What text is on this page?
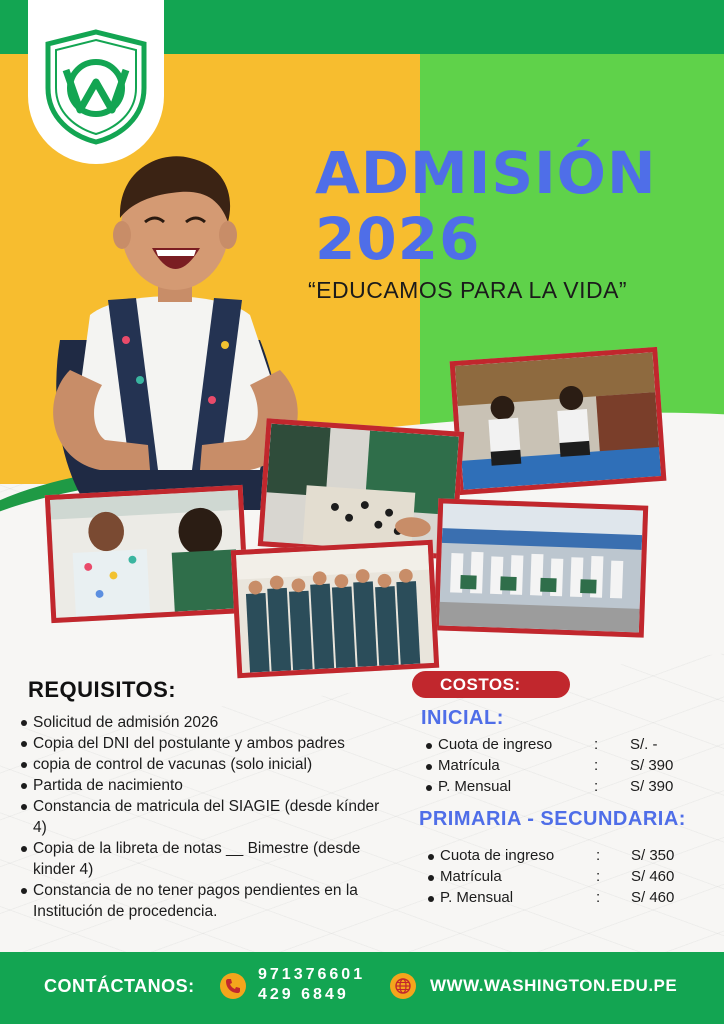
ADMISIÓN
2026
“EDUCAMOS PARA LA VIDA”
REQUISITOS:
Solicitud de admisión 2026
Copia del DNI del postulante y ambos padres
copia de control de vacunas (solo inicial)
Partida de nacimiento
Constancia de matricula del SIAGIE (desde kínder 4)
Copia de la libreta de notas __ Bimestre (desde kinder 4)
Constancia de no tener pagos pendientes en la Institución de procedencia.
COSTOS:
INICIAL:
Cuota de ingreso	: S/. -
Matrícula	: S/ 390
P. Mensual	: S/ 390
PRIMARIA - SECUNDARIA:
Cuota de ingreso	: S/ 350
Matrícula	: S/ 460
P. Mensual	: S/ 460
CONTÁCTANOS:
971376601
429 6849	WWW.WASHINGTON.EDU.PE
